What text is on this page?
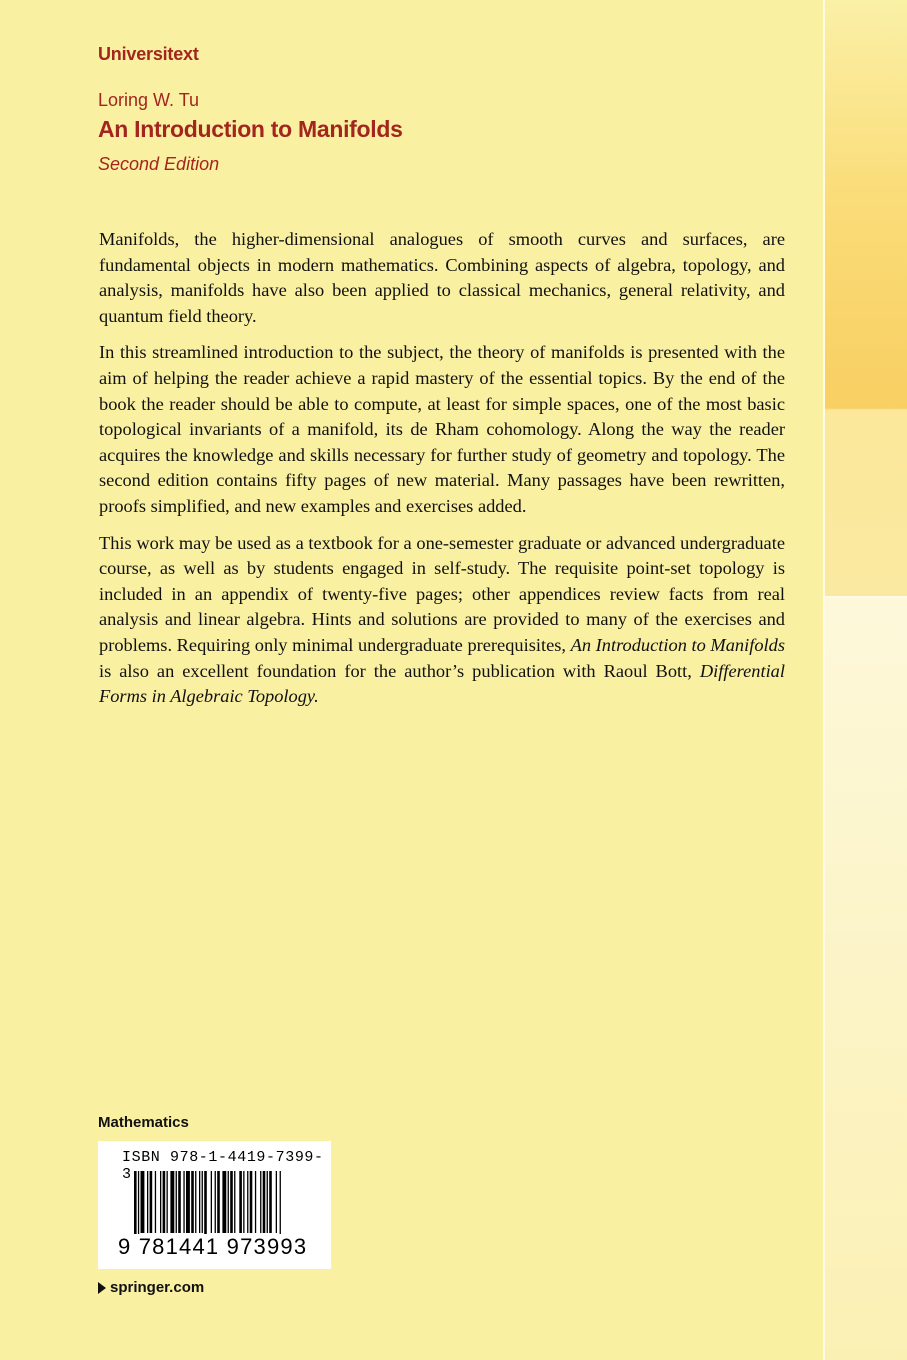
Universitext
Loring W. Tu
An Introduction to Manifolds
Second Edition

Manifolds, the higher-dimensional analogues of smooth curves and surfaces, are fundamental objects in modern mathematics. Combining aspects of algebra, topology, and analysis, manifolds have also been applied to classical mechanics, general relativity, and quantum field theory.

In this streamlined introduction to the subject, the theory of manifolds is presented with the aim of helping the reader achieve a rapid mastery of the essential topics. By the end of the book the reader should be able to compute, at least for simple spaces, one of the most basic topological invariants of a manifold, its de Rham cohomology. Along the way the reader acquires the knowledge and skills necessary for further study of geometry and topology. The second edition contains fifty pages of new material. Many passages have been rewritten, proofs simplified, and new examples and exercises added.

This work may be used as a textbook for a one-semester graduate or advanced undergraduate course, as well as by students engaged in self-study. The requisite point-set topology is included in an appendix of twenty-five pages; other appendices review facts from real analysis and linear algebra. Hints and solutions are provided to many of the exercises and problems. Requiring only minimal undergraduate prerequisites, An Introduction to Manifolds is also an excellent foundation for the author’s publication with Raoul Bott, Differential Forms in Algebraic Topology.

Mathematics
ISBN 978-1-4419-7399-3
9 781441 973993
springer.com
